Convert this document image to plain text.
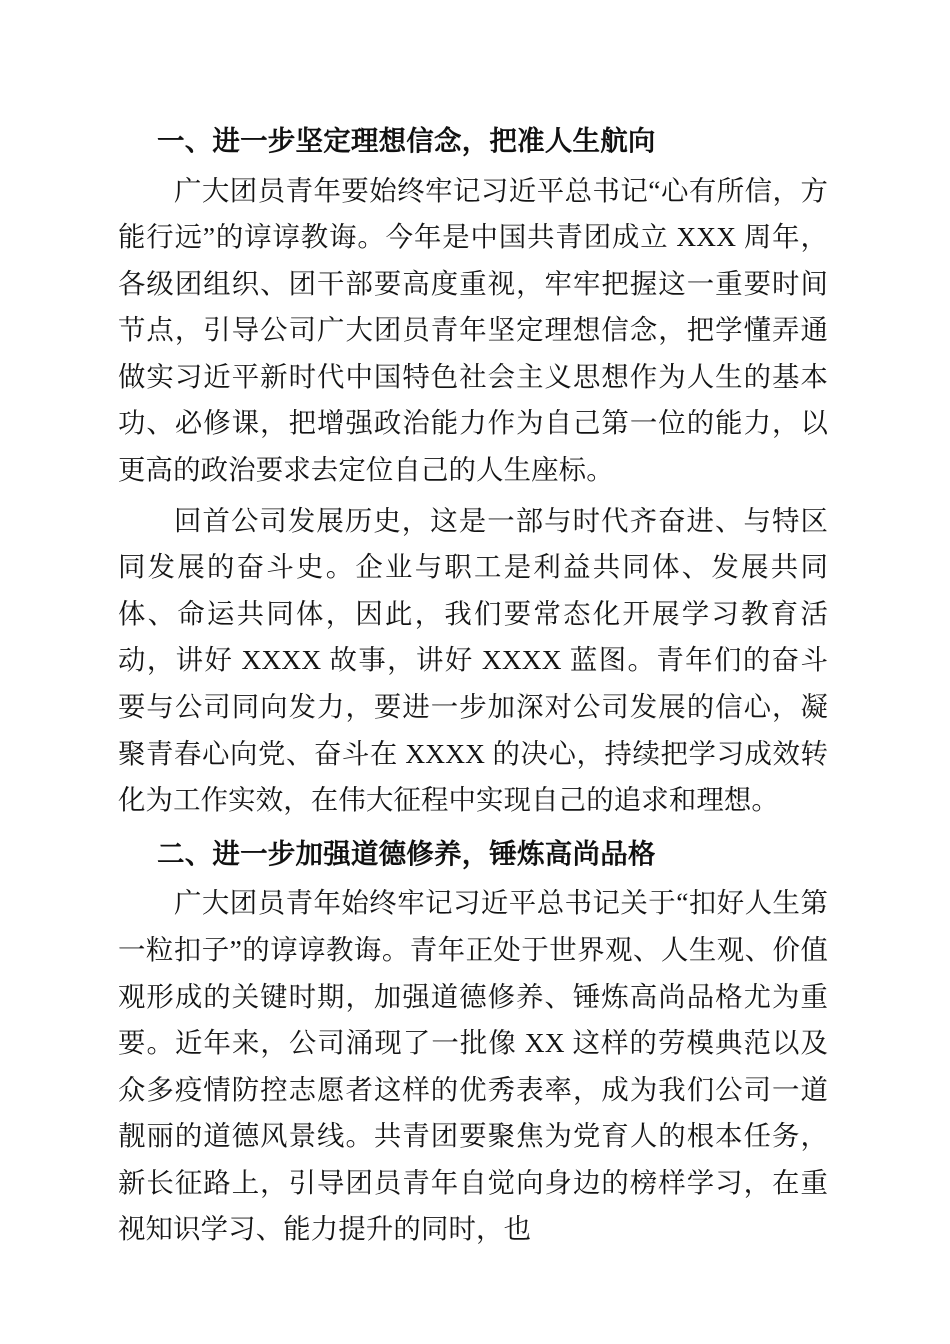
一、进一步坚定理想信念，把准人生航向

广大团员青年要始终牢记习近平总书记“心有所信，方能行远”的谆谆教诲。今年是中国共青团成立 XXX 周年，各级团组织、团干部要高度重视，牢牢把握这一重要时间节点，引导公司广大团员青年坚定理想信念，把学懂弄通做实习近平新时代中国特色社会主义思想作为人生的基本功、必修课，把增强政治能力作为自己第一位的能力，以更高的政治要求去定位自己的人生座标。

回首公司发展历史，这是一部与时代齐奋进、与特区同发展的奋斗史。企业与职工是利益共同体、发展共同体、命运共同体，因此，我们要常态化开展学习教育活动，讲好 XXXX 故事，讲好 XXXX 蓝图。青年们的奋斗要与公司同向发力，要进一步加深对公司发展的信心，凝聚青春心向党、奋斗在 XXXX 的决心，持续把学习成效转化为工作实效，在伟大征程中实现自己的追求和理想。

二、进一步加强道德修养，锤炼高尚品格

广大团员青年始终牢记习近平总书记关于“扣好人生第一粒扣子”的谆谆教诲。青年正处于世界观、人生观、价值观形成的关键时期，加强道德修养、锤炼高尚品格尤为重要。近年来，公司涌现了一批像 XX 这样的劳模典范以及众多疫情防控志愿者这样的优秀表率，成为我们公司一道靓丽的道德风景线。共青团要聚焦为党育人的根本任务，新长征路上，引导团员青年自觉向身边的榜样学习，在重视知识学习、能力提升的同时，也
